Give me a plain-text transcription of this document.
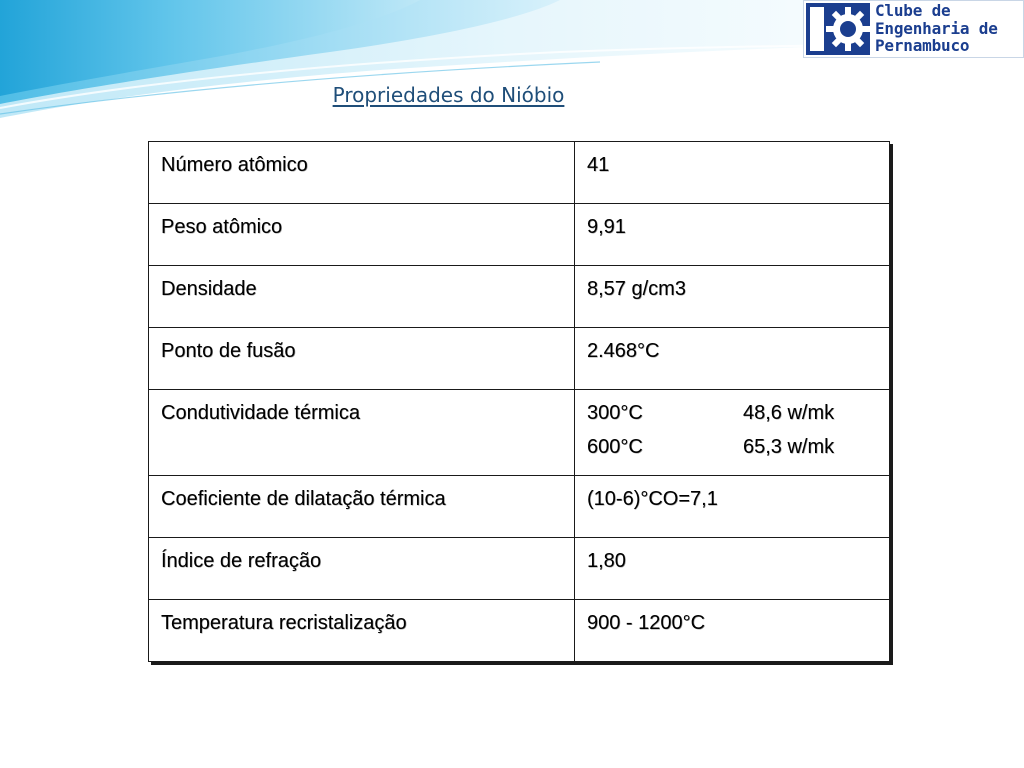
Clube de
Engenharia de
Pernambuco
Propriedades do Nióbio
Número atômico	41
Peso atômico	9,91
Densidade	8,57 g/cm3
Ponto de fusão	2.468°C
Condutividade térmica	300°C 48,6 w/mk
600°C 65,3 w/mk

Coeficiente de dilatação térmica	(10-6)°CO=7,1
Índice de refração	1,80
Temperatura recristalização	900 - 1200°C
